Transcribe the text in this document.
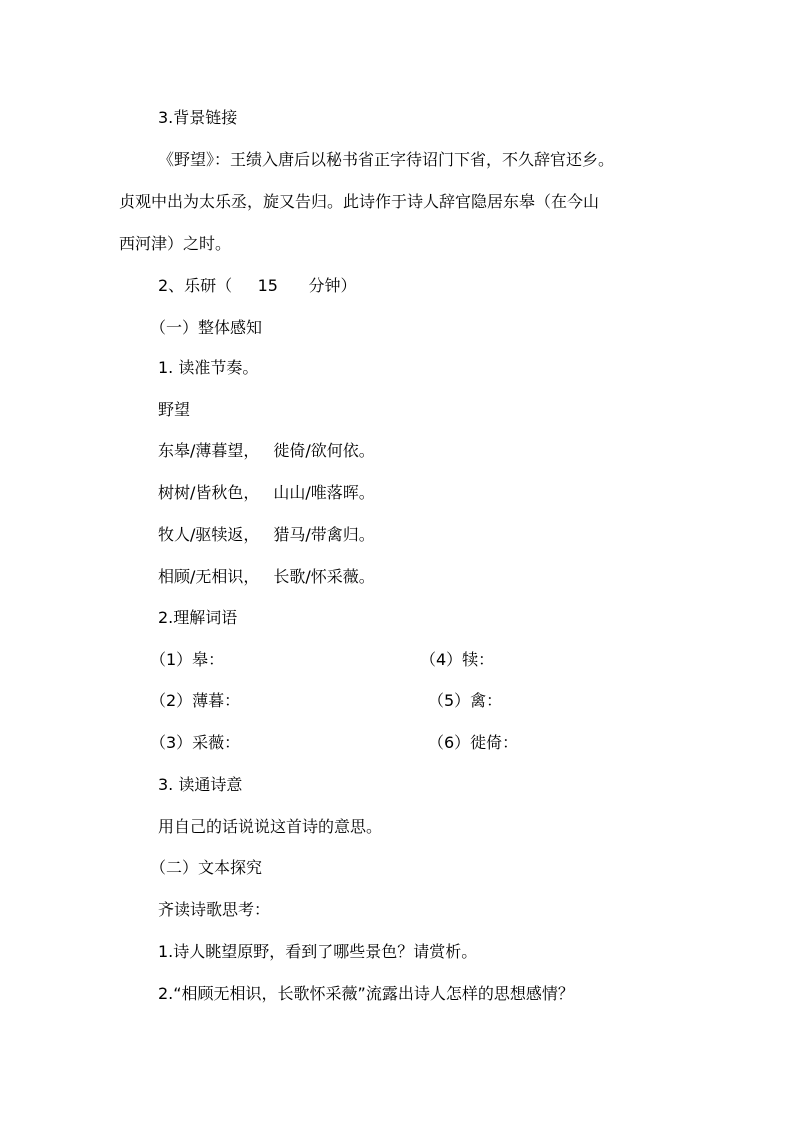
3.背景链接
《野望》：王绩入唐后以秘书省正字待诏门下省，不久辞官还乡。
贞观中出为太乐丞，旋又告归。此诗作于诗人辞官隐居东皋（在今山
西河津）之时。
2、乐研（     15      分钟）
（一）整体感知
1. 读准节奏。
野望
东皋/薄暮望， 徙倚/欲何依。
树树/皆秋色， 山山/唯落晖。
牧人/驱犊返， 猎马/带禽归。
相顾/无相识， 长歌/怀采薇。
2.理解词语
（1）皋：	（4）犊：
（2）薄暮：	（5）禽：
（3）采薇：	（6）徙倚：
3. 读通诗意
用自己的话说说这首诗的意思。
（二）文本探究
齐读诗歌思考：
1.诗人眺望原野，看到了哪些景色？请赏析。
2.“相顾无相识，长歌怀采薇”流露出诗人怎样的思想感情？
